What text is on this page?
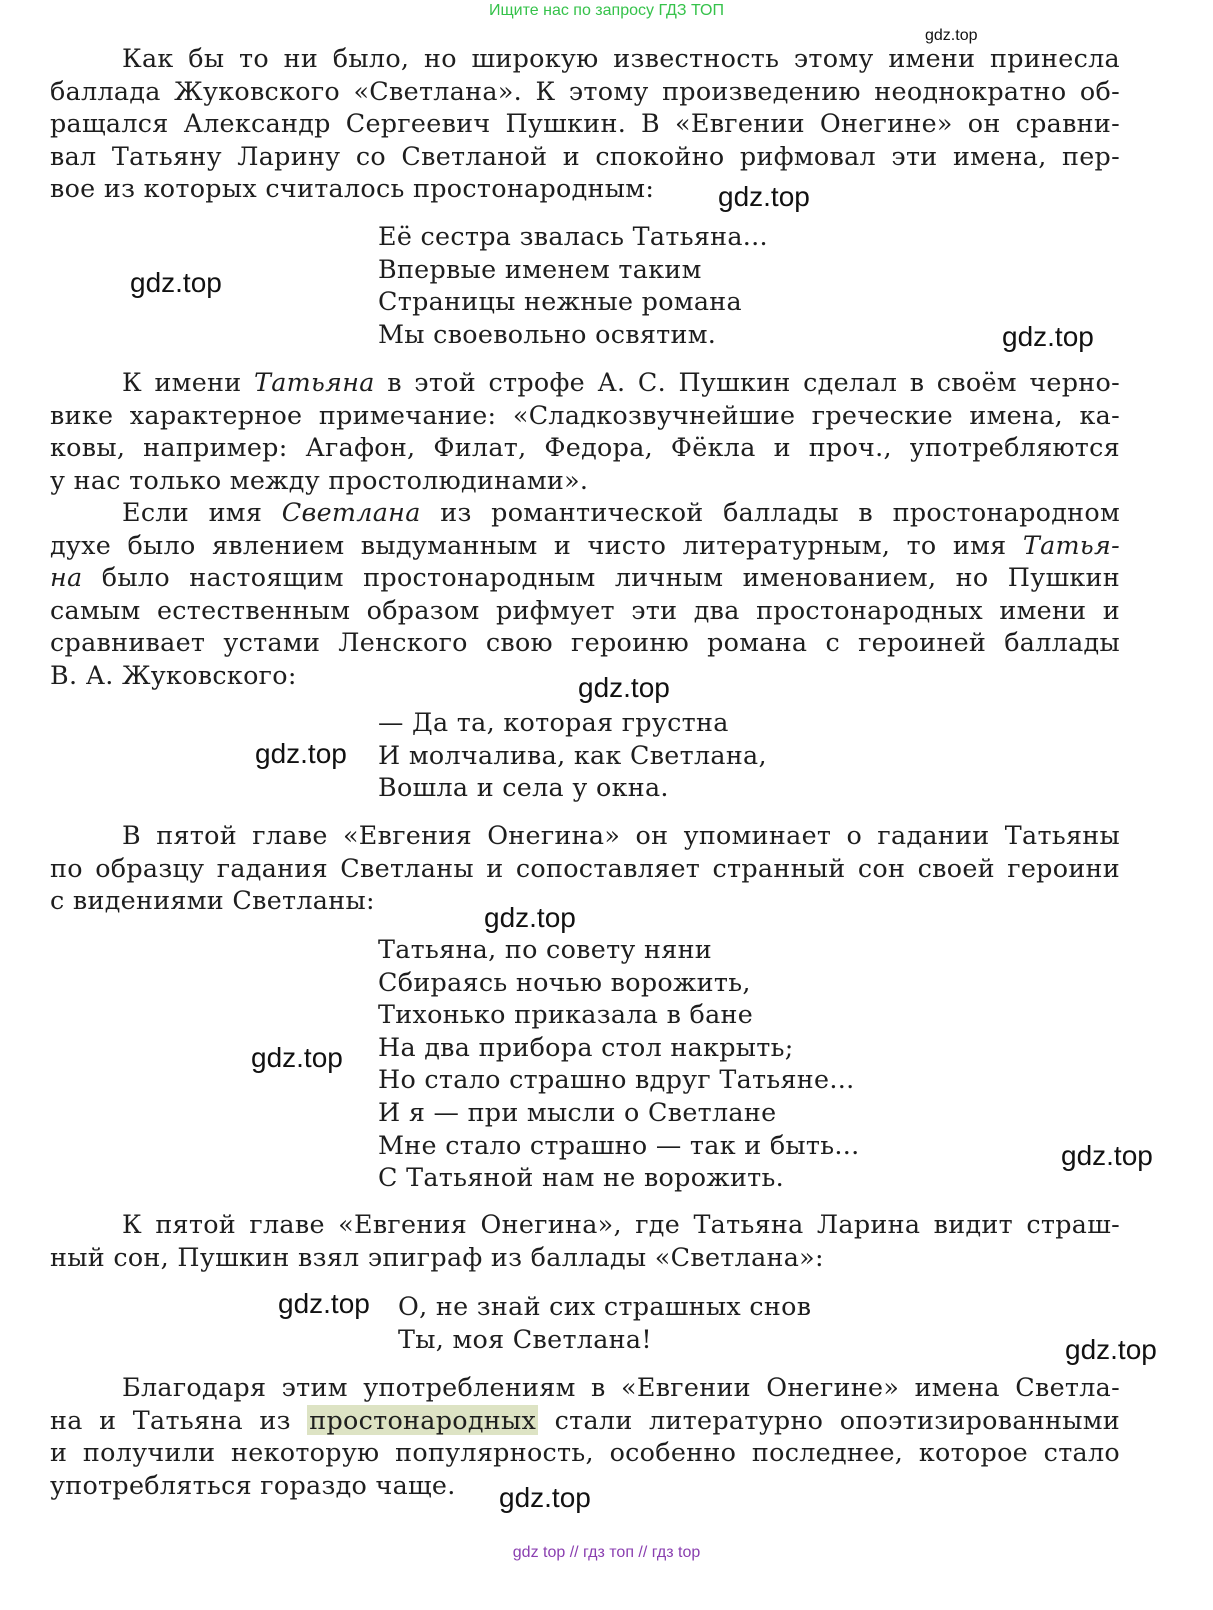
Ищите нас по запросу ГДЗ ТОП
gdz.top
gdz.top
gdz.top
gdz.top
gdz.top
gdz.top
gdz.top
gdz.top
gdz.top
gdz.top
gdz.top
gdz.top
Как бы то ни было, но широкую известность этому имени принесла
баллада Жуковского «Светлана». К этому произведению неоднократно об-
ращался Александр Сергеевич Пушкин. В «Евгении Онегине» он сравни-
вал Татьяну Ларину со Светланой и спокойно рифмовал эти имена, пер-
вое из которых считалось простонародным:
Её сестра звалась Татьяна...
Впервые именем таким
Страницы нежные романа
Мы своевольно освятим.
К имени Татьяна в этой строфе А. С. Пушкин сделал в своём черно-
вике характерное примечание: «Сладкозвучнейшие греческие имена, ка-
ковы, например: Агафон, Филат, Федора, Фёкла и проч., употребляются
у нас только между простолюдинами».
Если имя Светлана из романтической баллады в простонародном
духе было явлением выдуманным и чисто литературным, то имя Татья-
на было настоящим простонародным личным именованием, но Пушкин
самым естественным образом рифмует эти два простонародных имени и
сравнивает устами Ленского свою героиню романа с героиней баллады
В. А. Жуковского:
— Да та, которая грустна
И молчалива, как Светлана,
Вошла и села у окна.
В пятой главе «Евгения Онегина» он упоминает о гадании Татьяны
по образцу гадания Светланы и сопоставляет странный сон своей героини
с видениями Светланы:
Татьяна, по совету няни
Сбираясь ночью ворожить,
Тихонько приказала в бане
На два прибора стол накрыть;
Но стало страшно вдруг Татьяне...
И я — при мысли о Светлане
Мне стало страшно — так и быть...
С Татьяной нам не ворожить.
К пятой главе «Евгения Онегина», где Татьяна Ларина видит страш-
ный сон, Пушкин взял эпиграф из баллады «Светлана»:
О, не знай сих страшных снов
Ты, моя Светлана!
Благодаря этим употреблениям в «Евгении Онегине» имена Светла-
на и Татьяна из простонародных стали литературно опоэтизированными
и получили некоторую популярность, особенно последнее, которое стало
употребляться гораздо чаще.
gdz top // гдз топ // гдз top
